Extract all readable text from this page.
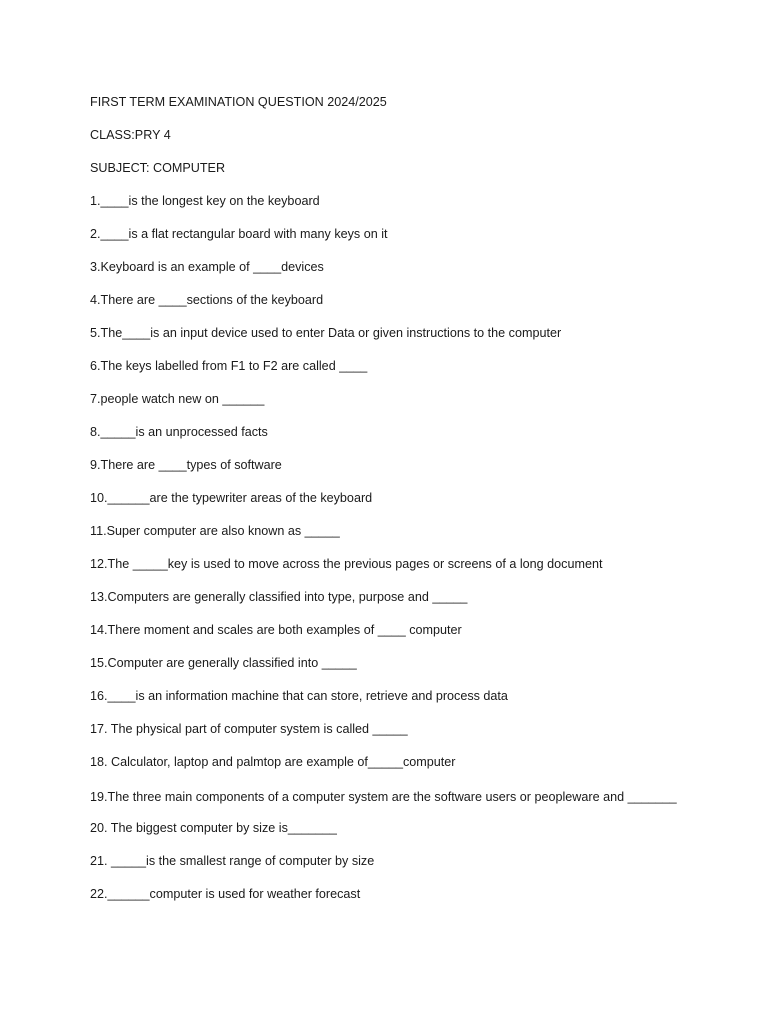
FIRST TERM EXAMINATION QUESTION 2024/2025

CLASS:PRY 4

SUBJECT: COMPUTER

1.____is the longest key on the keyboard

2.____is a flat rectangular board with many keys on it

3.Keyboard is an example of ____devices

4.There are ____sections of the keyboard

5.The____is an input device used to enter Data or given instructions to the computer

6.The keys labelled from F1 to F2 are called ____

7.people watch new on ______

8._____is an unprocessed facts

9.There are ____types of software

10.______are the typewriter areas of the keyboard

11.Super computer are also known as _____

12.The _____key is used to move across the previous pages or screens of a long document

13.Computers are generally classified into type, purpose and _____

14.There moment and scales are both examples of ____ computer

15.Computer are generally classified into _____

16.____is an information machine that can store, retrieve and process data

17. The physical part of computer system is called _____

18. Calculator, laptop and palmtop are example of_____computer

19.The three main components of a computer system are the software users or peopleware and _______

20. The biggest computer by size is_______

21. _____is the smallest range of computer by size

22.______computer is used for weather forecast
